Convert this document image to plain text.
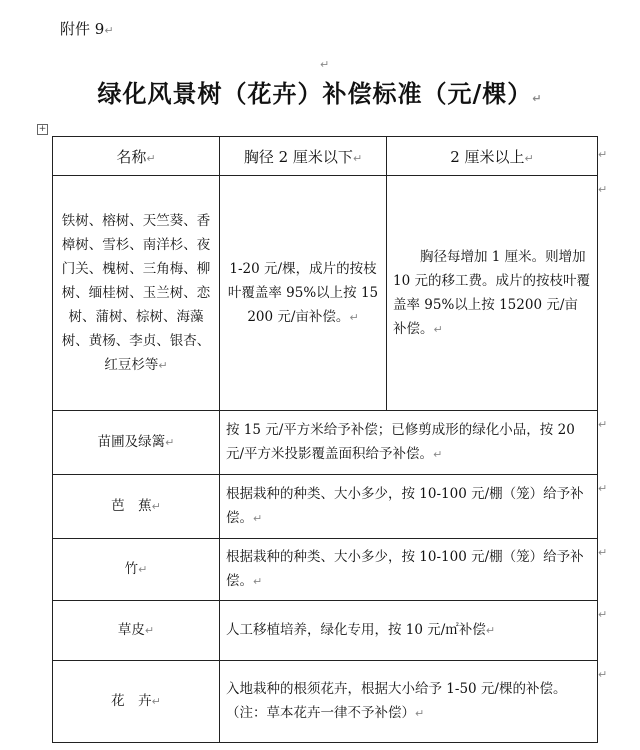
附件 9↵
↵
绿化风景树（花卉）补偿标准（元/棵）↵
+
名称↵	胸径 2 厘米以下↵	2 厘米以上↵
铁树、榕树、天竺葵、香樟树、雪杉、南洋杉、夜门关、槐树、三角梅、柳树、缅桂树、玉兰树、恋树、蒲树、棕树、海藻树、黄杨、李贞、银杏、红豆杉等↵	1-20 元/棵，成片的按枝叶覆盖率 95%以上按 15200 元/亩补偿。↵	胸径每增加 1 厘米。则增加 10 元的移工费。成片的按枝叶覆盖率 95%以上按 15200 元/亩补偿。↵
苗圃及绿篱↵	按 15 元/平方米给予补偿；已修剪成形的绿化小品，按 20 元/平方米投影覆盖面积给予补偿。↵	
芭　蕉↵	根据栽种的种类、大小多少，按 10-100 元/棚（笼）给予补偿。↵	
竹↵	根据栽种的种类、大小多少，按 10-100 元/棚（笼）给予补偿。↵	
草皮↵	人工移植培养，绿化专用，按 10 元/㎡补偿↵	
花　卉↵	入地栽种的根须花卉，根据大小给予 1-50 元/棵的补偿。（注：草本花卉一律不予补偿）↵	
↵
↵
↵
↵
↵
↵
↵
